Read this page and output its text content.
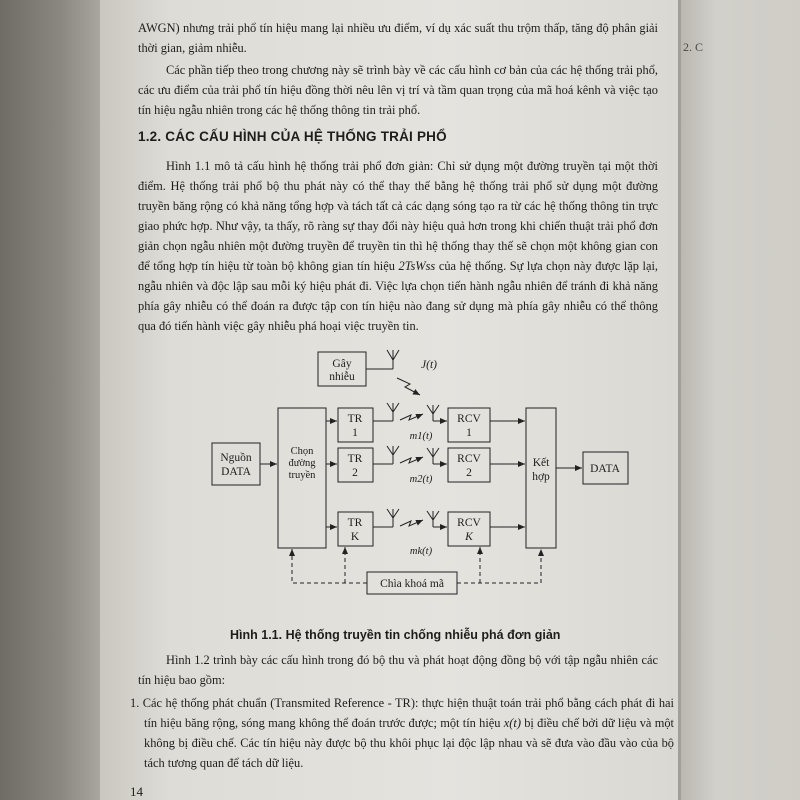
2. C
AWGN) nhưng trải phổ tín hiệu mang lại nhiều ưu điểm, ví dụ xác suất thu trộm thấp, tăng độ phân giải thời gian, giảm nhiễu.
Các phần tiếp theo trong chương này sẽ trình bày về các cấu hình cơ bản của các hệ thống trải phổ, các ưu điểm của trải phổ tín hiệu đồng thời nêu lên vị trí và tầm quan trọng của mã hoá kênh và việc tạo tín hiệu ngẫu nhiên trong các hệ thống thông tin trải phổ.
1.2. CÁC CẤU HÌNH CỦA HỆ THỐNG TRẢI PHỔ
Hình 1.1 mô tả cấu hình hệ thống trải phổ đơn giản: Chỉ sử dụng một đường truyền tại một thời điểm. Hệ thống trải phổ bộ thu phát này có thể thay thế bằng hệ thống trải phổ sử dụng một đường truyền băng rộng có khả năng tổng hợp và tách tất cả các dạng sóng tạo ra từ các hệ thống thông tin trực giao phức hợp. Như vậy, ta thấy, rõ ràng sự thay đổi này hiệu quả hơn trong khi chiến thuật trải phổ đơn giản chọn ngẫu nhiên một đường truyền để truyền tin thì hệ thống thay thế sẽ chọn một không gian con để tổng hợp tín hiệu từ toàn bộ không gian tín hiệu 2TsWss của hệ thống. Sự lựa chọn này được lặp lại, ngẫu nhiên và độc lập sau mỗi ký hiệu phát đi. Việc lựa chọn tiến hành ngẫu nhiên để tránh đi khả năng phía gây nhiễu có thể đoán ra được tập con tín hiệu nào đang sử dụng mà phía gây nhiễu có thể thông qua đó tiến hành việc gây nhiễu phá hoại việc truyền tin.
Gây
nhiễu
J(t)
Nguồn
DATA
Chọn
đường
truyền
TR
1
TR
2
TR
K
RCV
1
RCV
2
RCV
K
m1(t)
m2(t)
mk(t)
Kết
hợp
DATA
Chìa khoá mã
Hình 1.1. Hệ thống truyền tin chống nhiễu phá đơn giản
Hình 1.2 trình bày các cấu hình trong đó bộ thu và phát hoạt động đồng bộ với tập ngẫu nhiên các tín hiệu bao gồm:
1. Các hệ thống phát chuẩn (Transmited Reference - TR): thực hiện thuật toán trải phổ bằng cách phát đi hai tín hiệu băng rộng, sóng mang không thể đoán trước được; một tín hiệu x(t) bị điều chế bởi dữ liệu và một không bị điều chế. Các tín hiệu này được bộ thu khôi phục lại độc lập nhau và sẽ đưa vào đầu vào của bộ tách tương quan để tách dữ liệu.
14
